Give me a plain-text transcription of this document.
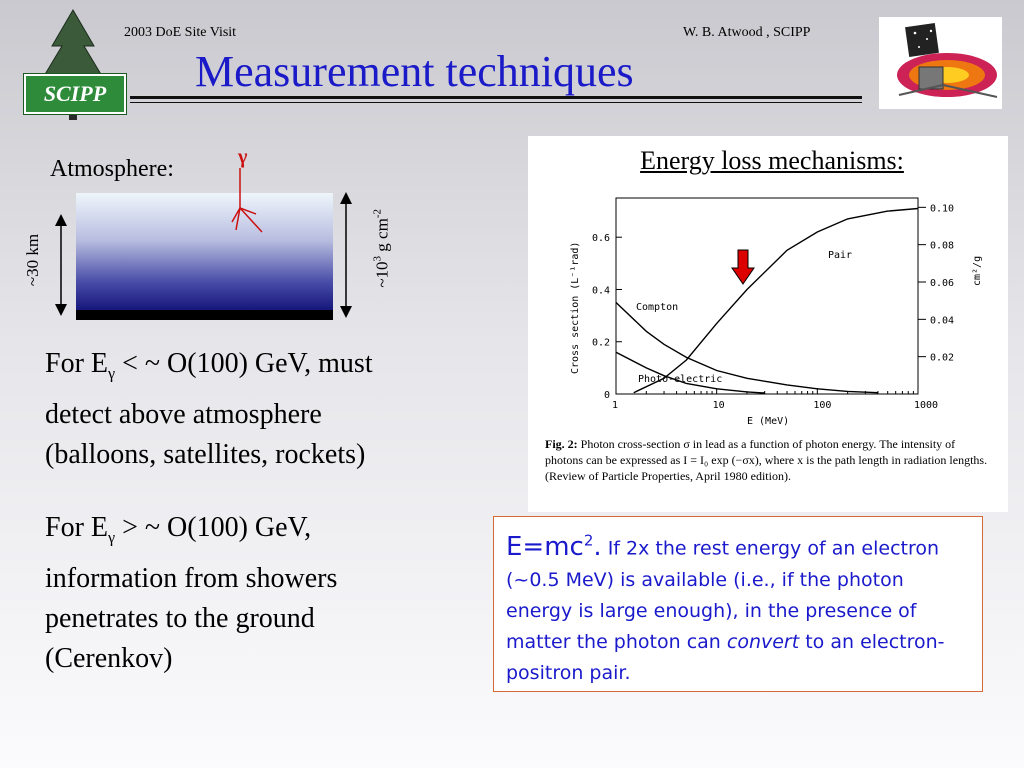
SCIPP
2003 DoE Site Visit	W. B. Atwood , SCIPP
Measurement techniques
Atmosphere:	γ
~30 km	$\sim 10^3$ g $cm^{-2}$
For $E_\gamma$ < ~ O(100) GeV, must
detect above atmosphere
(balloons, satellites, rockets)
For $E_\gamma$ > ~ O(100) GeV,
information from showers
penetrates to the ground
(Cerenkov)
Energy loss mechanisms:
1	10	100	1000
0
0.2
0.4
0.6
0.02
0.04
0.06
0.08
0.10
E (MeV)
Cross section (L⁻¹rad)	cm²/g
Pair
Compton
Photo-electric
Fig. 2: Photon cross-section σ in lead as a function of photon energy. The intensity of photons can be expressed as I = I₀ exp (−σx), where x is the path length in radiation lengths. (Review of Particle Properties, April 1980 edition).
$E=mc^2$. If 2x the rest energy of an electron (~0.5 MeV) is available (i.e., if the photon energy is large enough), in the presence of matter the photon can convert to an electron-positron pair.
